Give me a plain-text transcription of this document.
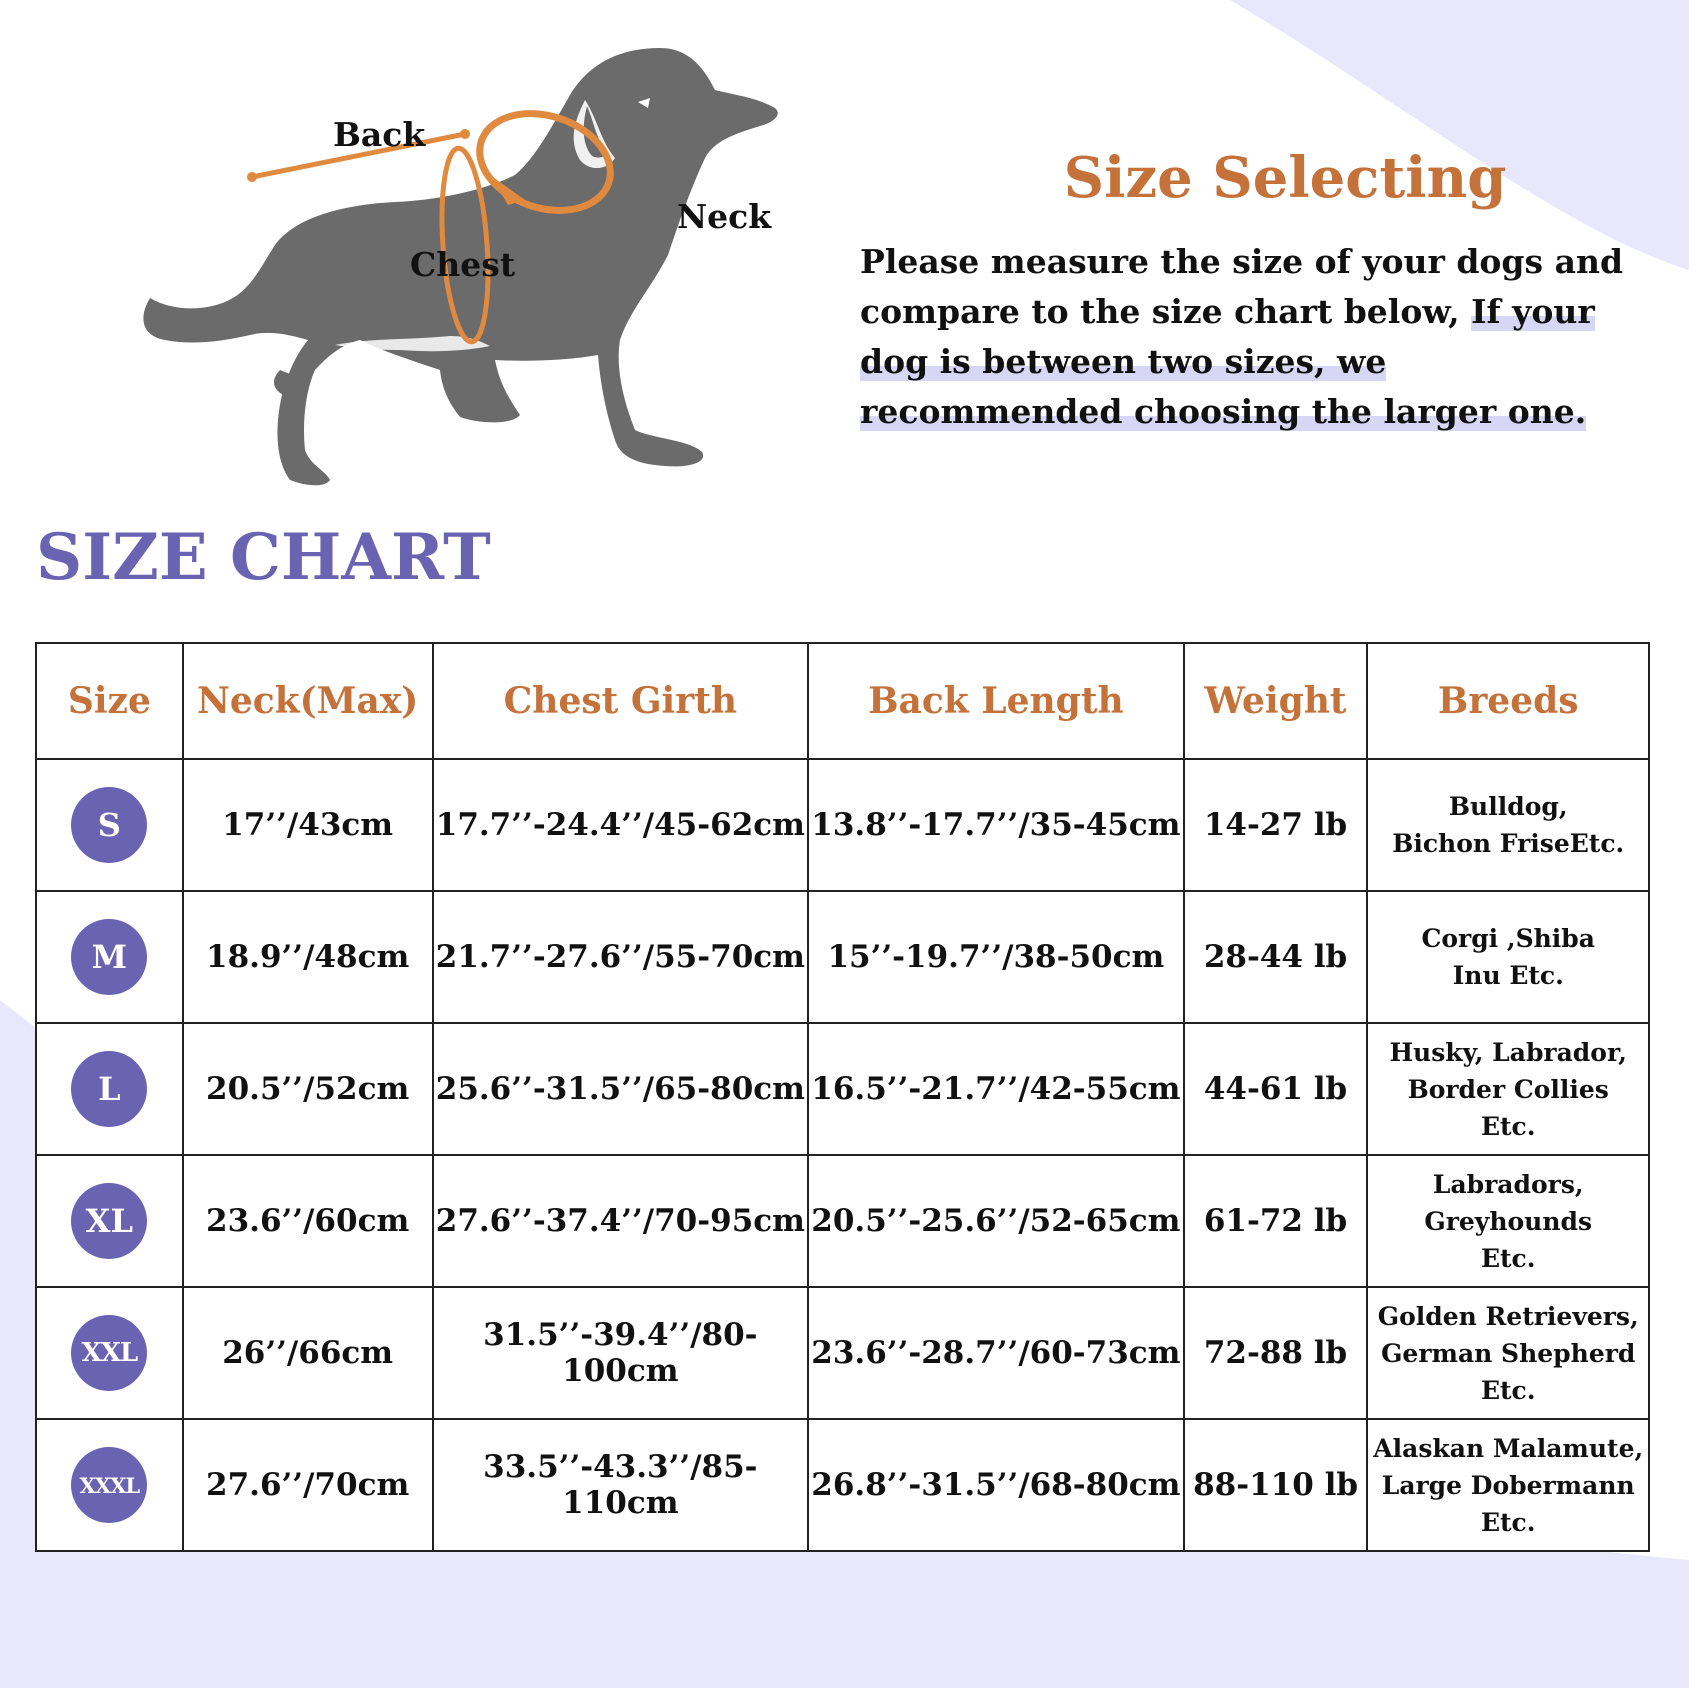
Back
Neck
Chest
Size Selecting

Please measure the size of your dogs and compare to the size chart below, If your dog is between two sizes, we recommended choosing the larger one.

SIZE CHART
Size	Neck(Max)	Chest Girth	Back Length	Weight	Breeds
S	17’’/43cm	17.7’’-24.4’’/45-62cm	13.8’’-17.7’’/35-45cm	14-27 lb	Bulldog,
Bichon FriseEtc.

M	18.9’’/48cm	21.7’’-27.6’’/55-70cm	15’’-19.7’’/38-50cm	28-44 lb	Corgi ,Shiba
Inu Etc.

L	20.5’’/52cm	25.6’’-31.5’’/65-80cm	16.5’’-21.7’’/42-55cm	44-61 lb	Husky, Labrador,
Border Collies
Etc.

XL	23.6’’/60cm	27.6’’-37.4’’/70-95cm	20.5’’-25.6’’/52-65cm	61-72 lb	Labradors,
Greyhounds
Etc.

XXL	26’’/66cm	31.5’’-39.4’’/80-100cm	23.6’’-28.7’’/60-73cm	72-88 lb	Golden Retrievers,
German Shepherd
Etc.

XXXL	27.6’’/70cm	33.5’’-43.3’’/85-110cm	26.8’’-31.5’’/68-80cm	88-110 lb	Alaskan Malamute,
Large Dobermann
Etc.
